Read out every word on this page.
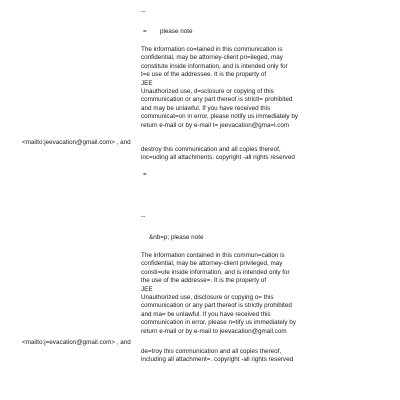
--
= please note
The information co=tained in this communication is
confidential, may be attorney-client pri=ileged, may
constitute inside information, and is intended only for
t=e use of the addressee. It is the property of
JEE
Unauthorized use, d=sclosure or copying of this
communication or any part thereof is strictl= prohibited
and may be unlawful. If you have received this
communicat=on in error, please notify us immediately by
return e-mail or by e-mail t= jeevacation@gma=l.com
<mailto:jeevacation@gmail.com> , and
destroy this communication and all copies thereof,
inc=uding all attachments. copyright -all rights reserved
=
--
&nb=p; please note
The information contained in this commun=cation is
confidential, may be attorney-client privileged, may
consti=ute inside information, and is intended only for
the use of the addresse=. It is the property of
JEE
Unauthorized use, disclosure or copying o= this
communication or any part thereof is strictly prohibited
and ma= be unlawful. If you have received this
communication in error, please n=tify us immediately by
return e-mail or by e-mail to jeevacation@gmail.com
<mailto:j=evacation@gmail.com> , and
de=troy this communication and all copies thereof,
including all attachment=. copyright -all rights reserved
